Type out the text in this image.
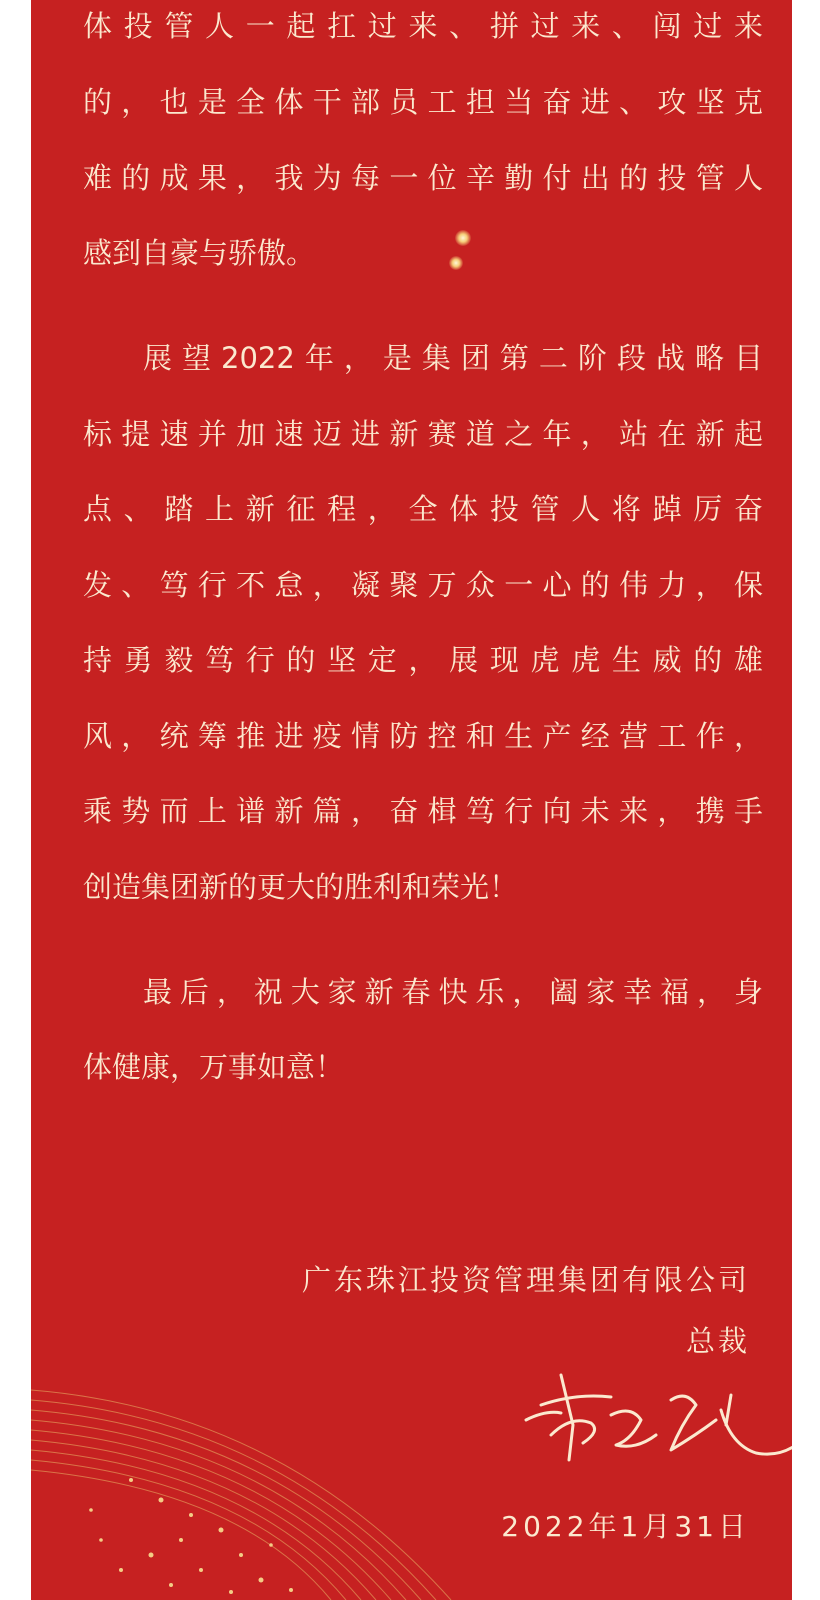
体投管人一起扛过来、拼过来、闯过来

的，也是全体干部员工担当奋进、攻坚克

难的成果，我为每一位辛勤付出的投管人

感到自豪与骄傲。

展望2022年，是集团第二阶段战略目

标提速并加速迈进新赛道之年，站在新起

点、踏上新征程，全体投管人将踔厉奋

发、笃行不怠，凝聚万众一心的伟力，保

持勇毅笃行的坚定，展现虎虎生威的雄

风，统筹推进疫情防控和生产经营工作，

乘势而上谱新篇，奋楫笃行向未来，携手

创造集团新的更大的胜利和荣光！

最后，祝大家新春快乐，阖家幸福，身

体健康，万事如意！

广东珠江投资管理集团有限公司
总裁
2022年1月31日
